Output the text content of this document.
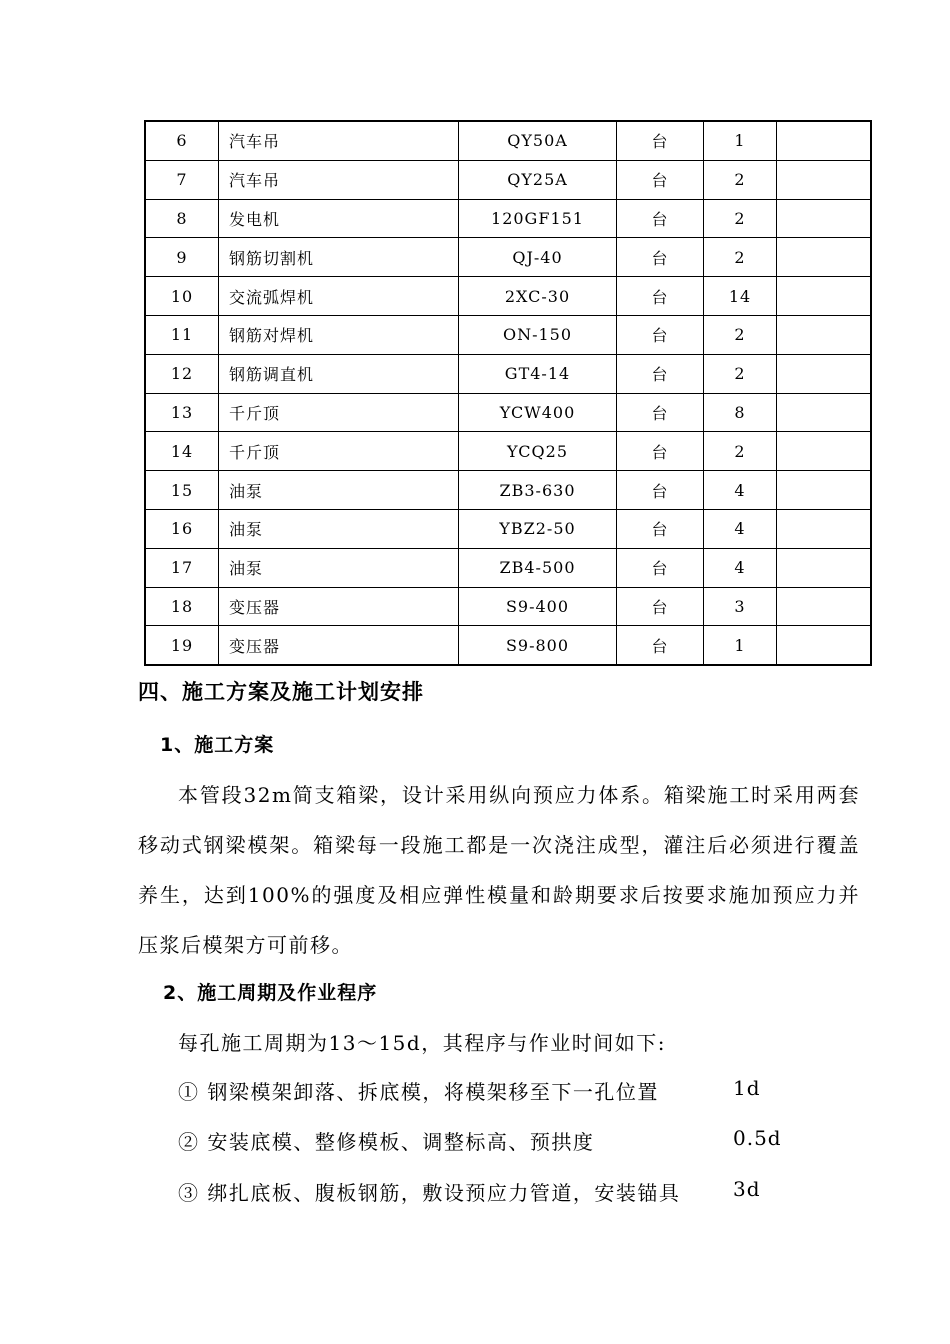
6	汽车吊	QY50A	台	1	
7	汽车吊	QY25A	台	2	
8	发电机	120GF151	台	2	
9	钢筋切割机	QJ-40	台	2	
10	交流弧焊机	2XC-30	台	14	
11	钢筋对焊机	ON-150	台	2	
12	钢筋调直机	GT4-14	台	2	
13	千斤顶	YCW400	台	8	
14	千斤顶	YCQ25	台	2	
15	油泵	ZB3-630	台	4	
16	油泵	YBZ2-50	台	4	
17	油泵	ZB4-500	台	4	
18	变压器	S9-400	台	3	
19	变压器	S9-800	台	1	
四、施工方案及施工计划安排
1、施工方案

本管段32m简支箱梁，设计采用纵向预应力体系。箱梁施工时采用两套移动式钢梁模架。箱梁每一段施工都是一次浇注成型，灌注后必须进行覆盖养生，达到100%的强度及相应弹性模量和龄期要求后按要求施加预应力并压浆后模架方可前移。

2、施工周期及作业程序
每孔施工周期为13～15d，其程序与作业时间如下:
① 钢梁模架卸落、拆底模，将模架移至下一孔位置	1d
② 安装底模、整修模板、调整标高、预拱度	0.5d
③ 绑扎底板、腹板钢筋，敷设预应力管道，安装锚具	3d
